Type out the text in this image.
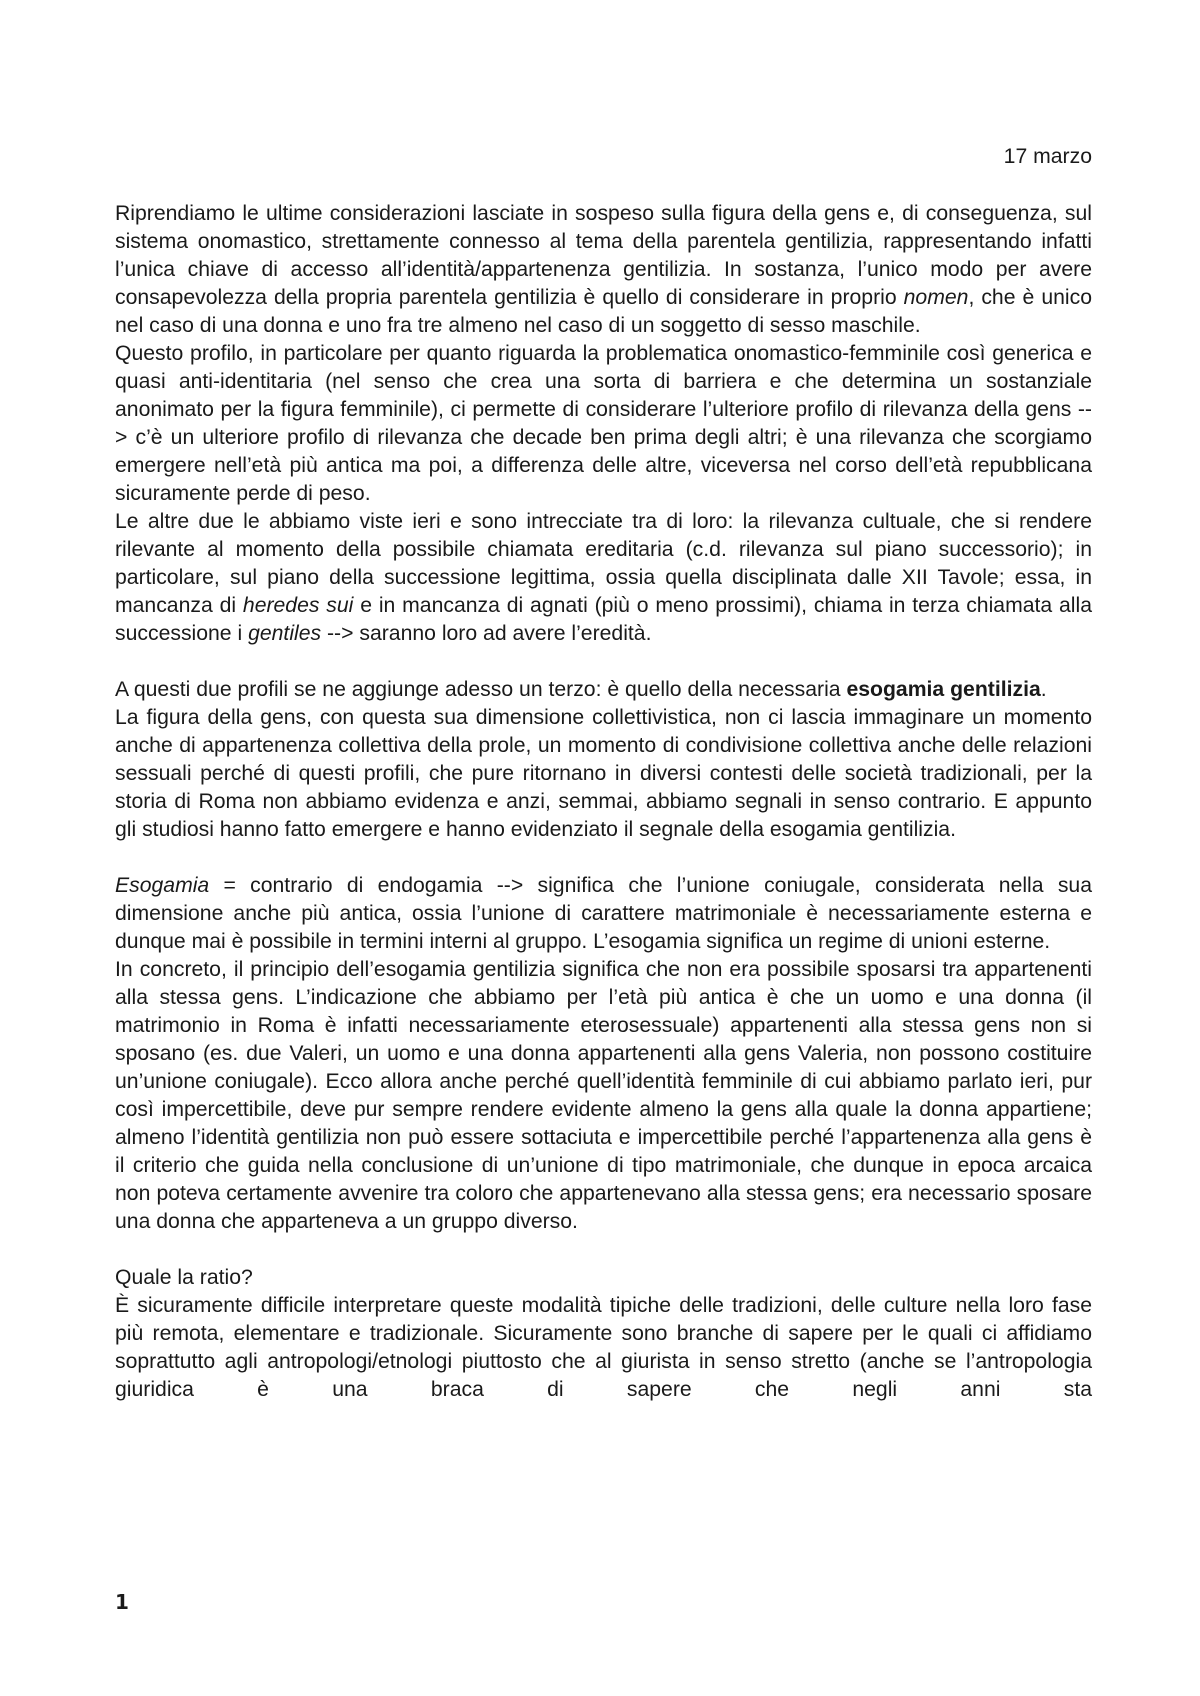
17 marzo

Riprendiamo le ultime considerazioni lasciate in sospeso sulla figura della gens e, di conseguenza, sul sistema onomastico, strettamente connesso al tema della parentela gentilizia, rappresentando infatti l’unica chiave di accesso all’identità/appartenenza gentilizia. In sostanza, l’unico modo per avere consapevolezza della propria parentela gentilizia è quello di considerare in proprio nomen, che è unico nel caso di una donna e uno fra tre almeno nel caso di un soggetto di sesso maschile.

Questo profilo, in particolare per quanto riguarda la problematica onomastico-femminile così generica e quasi anti-identitaria (nel senso che crea una sorta di barriera e che determina un sostanziale anonimato per la figura femminile), ci permette di considerare l’ulteriore profilo di rilevanza della gens --> c’è un ulteriore profilo di rilevanza che decade ben prima degli altri; è una rilevanza che scorgiamo emergere nell’età più antica ma poi, a differenza delle altre, viceversa nel corso dell’età repubblicana sicuramente perde di peso.

Le altre due le abbiamo viste ieri e sono intrecciate tra di loro: la rilevanza cultuale, che si rendere rilevante al momento della possibile chiamata ereditaria (c.d. rilevanza sul piano successorio); in particolare, sul piano della successione legittima, ossia quella disciplinata dalle XII Tavole; essa, in mancanza di heredes sui e in mancanza di agnati (più o meno prossimi), chiama in terza chiamata alla successione i gentiles --> saranno loro ad avere l’eredità.

A questi due profili se ne aggiunge adesso un terzo: è quello della necessaria esogamia gentilizia.

La figura della gens, con questa sua dimensione collettivistica, non ci lascia immaginare un momento anche di appartenenza collettiva della prole, un momento di condivisione collettiva anche delle relazioni sessuali perché di questi profili, che pure ritornano in diversi contesti delle società tradizionali, per la storia di Roma non abbiamo evidenza e anzi, semmai, abbiamo segnali in senso contrario. E appunto gli studiosi hanno fatto emergere e hanno evidenziato il segnale della esogamia gentilizia.

Esogamia = contrario di endogamia --> significa che l’unione coniugale, considerata nella sua dimensione anche più antica, ossia l’unione di carattere matrimoniale è necessariamente esterna e dunque mai è possibile in termini interni al gruppo. L’esogamia significa un regime di unioni esterne.

In concreto, il principio dell’esogamia gentilizia significa che non era possibile sposarsi tra appartenenti alla stessa gens. L’indicazione che abbiamo per l’età più antica è che un uomo e una donna (il matrimonio in Roma è infatti necessariamente eterosessuale) appartenenti alla stessa gens non si sposano (es. due Valeri, un uomo e una donna appartenenti alla gens Valeria, non possono costituire un’unione coniugale). Ecco allora anche perché quell’identità femminile di cui abbiamo parlato ieri, pur così impercettibile, deve pur sempre rendere evidente almeno la gens alla quale la donna appartiene; almeno l’identità gentilizia non può essere sottaciuta e impercettibile perché l’appartenenza alla gens è il criterio che guida nella conclusione di un’unione di tipo matrimoniale, che dunque in epoca arcaica non poteva certamente avvenire tra coloro che appartenevano alla stessa gens; era necessario sposare una donna che apparteneva a un gruppo diverso.

Quale la ratio?

È sicuramente difficile interpretare queste modalità tipiche delle tradizioni, delle culture nella loro fase più remota, elementare e tradizionale. Sicuramente sono branche di sapere per le quali ci affidiamo soprattutto agli antropologi/etnologi piuttosto che al giurista in senso stretto (anche se l’antropologia giuridica è una braca di sapere che negli anni sta

1
